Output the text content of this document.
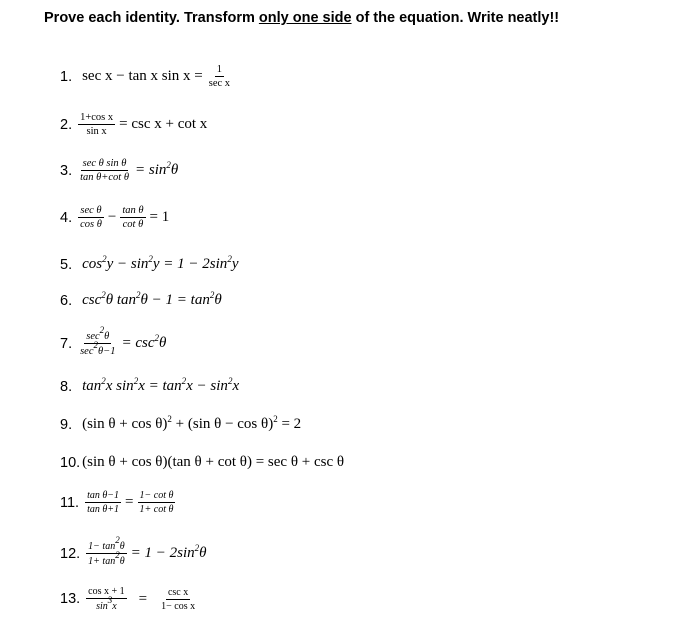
Prove each identity. Transform only one side of the equation. Write neatly!!
1. sec x − tan x $\sin x = \frac{1}{\text{sec x}}$
2. $\frac{\text{1+cos x}}{\text{sin x}} = \csc x + \cot x$
3. $\frac{\text{sec θ sin θ}}{\text{tan θ+cot θ}} = \sin^2\theta$
4. $\frac{\text{sec θ}}{\text{cos θ}} - \frac{\text{tan θ}}{\text{cot θ}} = 1$
5. $\cos^2y - \sin^2y = 1 - 2\sin^2y$
6. $\csc^2\theta$ $\tan^2\theta - 1 = \tan^2\theta$
7. $\frac{\sec^2\theta}{\sec^2\theta-1} = \csc^2\theta$
8. $\tan^2x$ $\sin^2x = \tan^2x - \sin^2x$
9. (sin θ + cos θ)$^2$ + (sin θ − cos θ)$^2$ = 2
10. (sin θ + cos θ)(tan θ + cot θ) = sec θ + csc θ
11. $\frac{\text{tan θ−1}}{\text{tan θ+1}} = \frac{\text{1− cot θ}}{\text{1+ cot θ}}$
12. $\frac{1- \tan^2\theta}{1+ \tan^2\theta} = 1 - 2\sin^2\theta$
13. $\frac{\text{cos x + 1}}{\sin^3x} = \frac{\text{csc x}}{\text{1− cos x}}$
